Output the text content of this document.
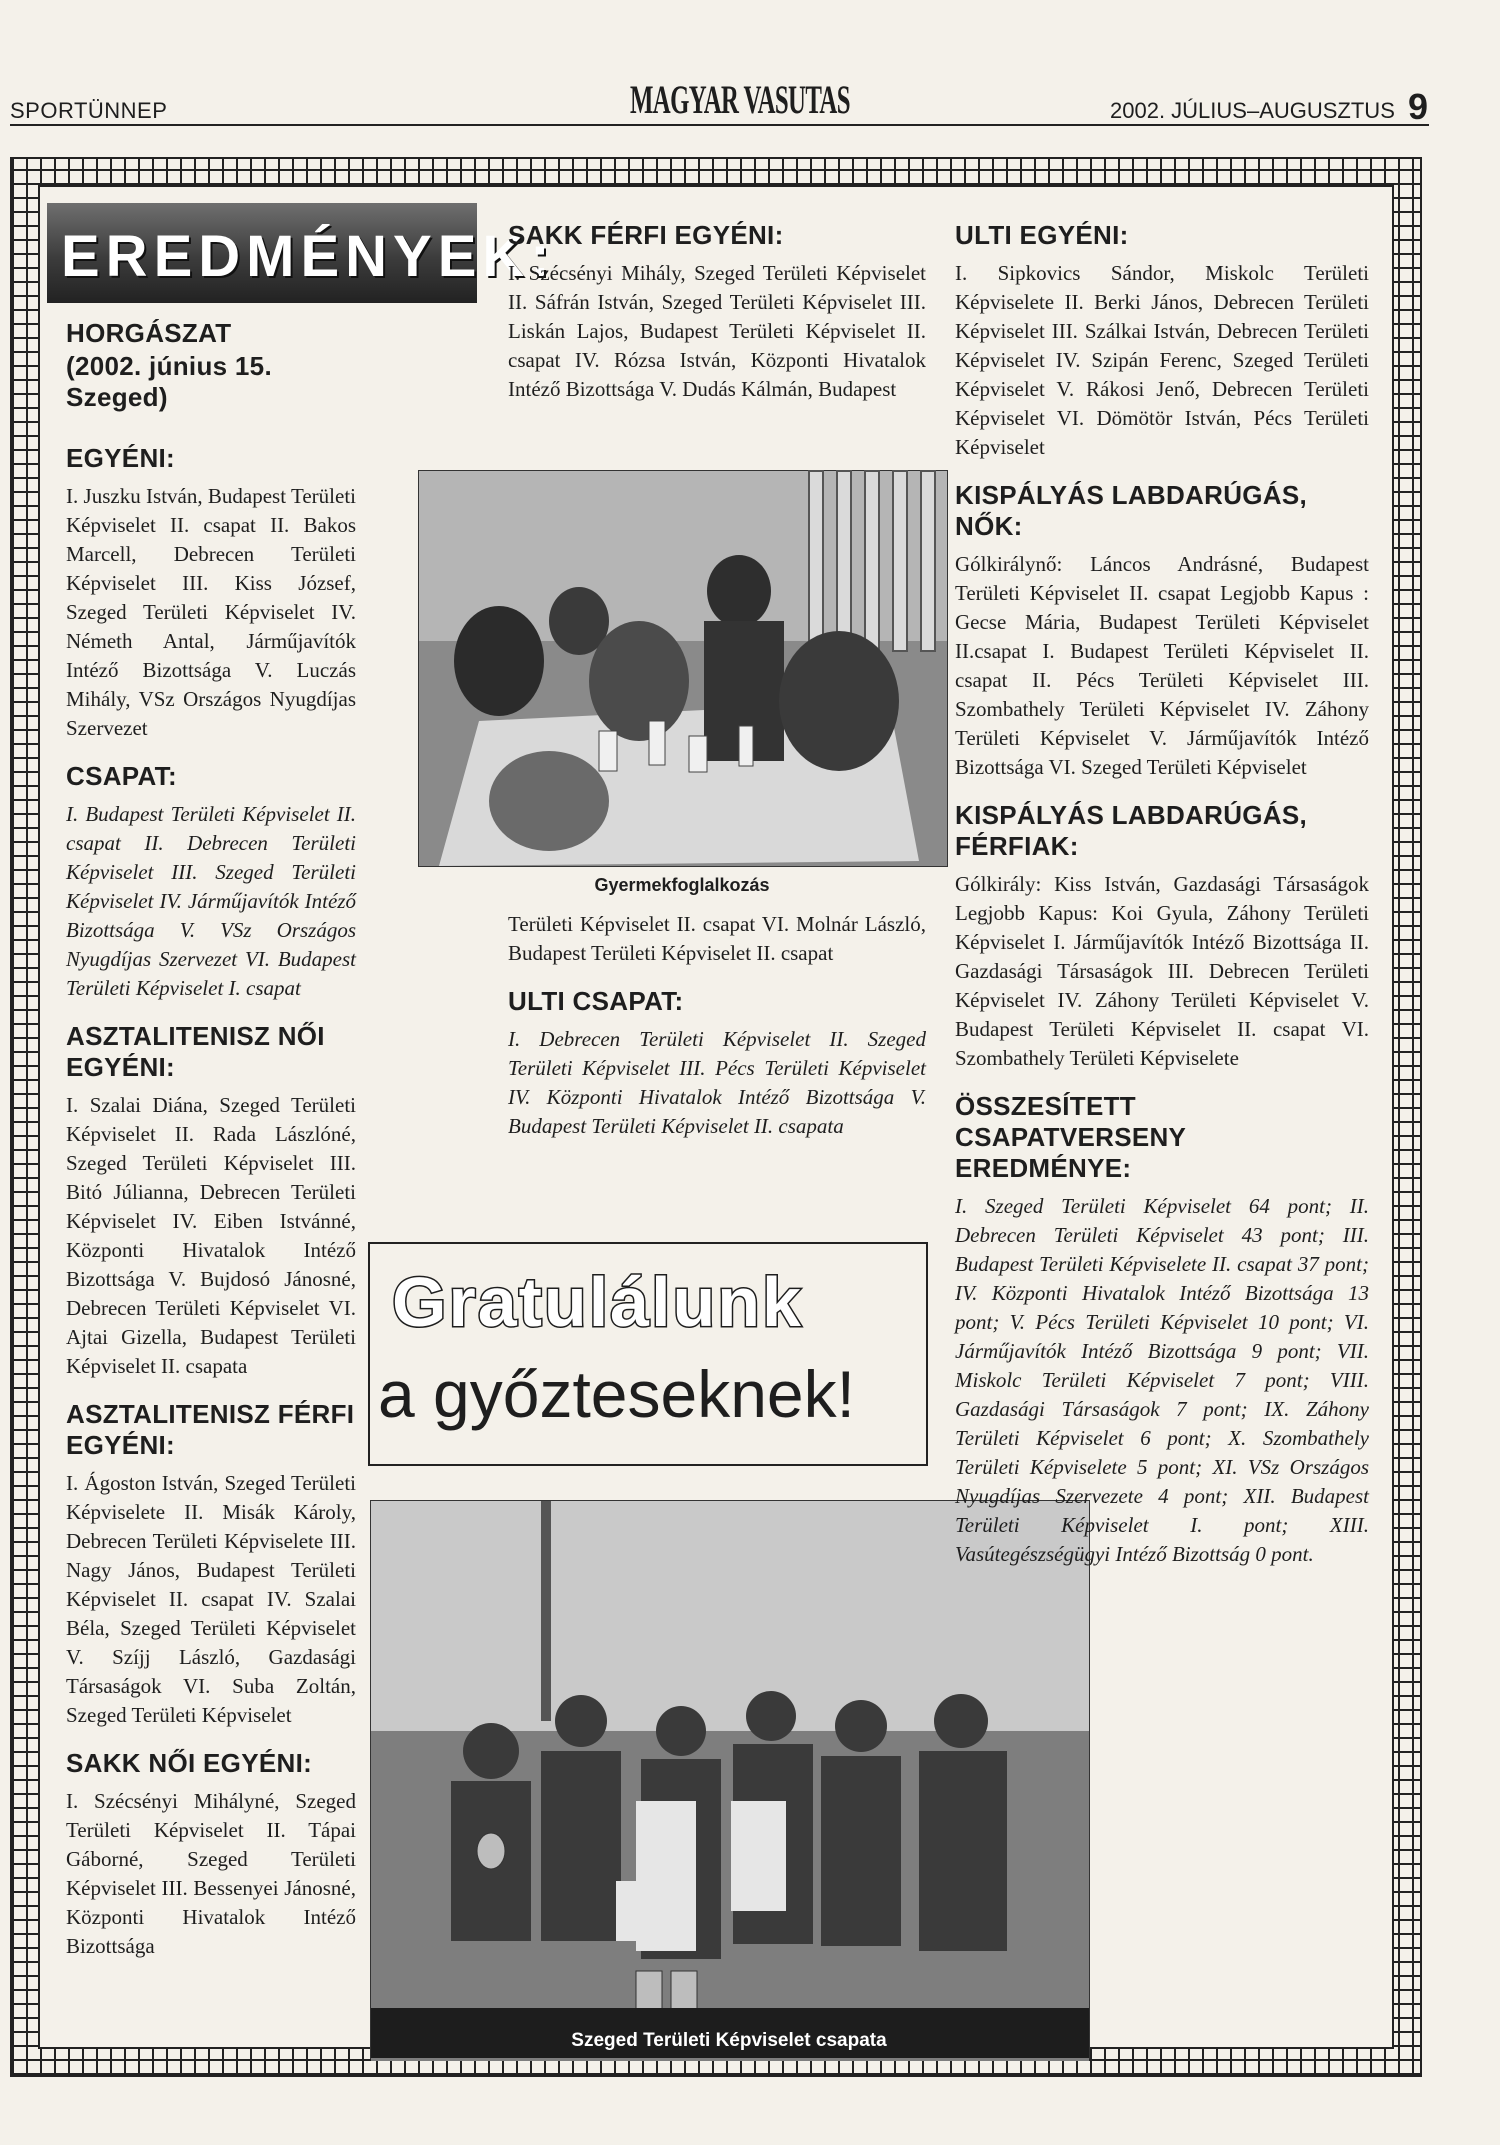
SPORTÜNNEP	MAGYAR VASUTAS	2002. JÚLIUS–AUGUSZTUS 9
EREDMÉNYEK:
HORGÁSZAT
(2002. június 15. Szeged)
EGYÉNI:

I. Juszku István, Budapest Területi Képviselet II. csapat II. Bakos Marcell, Debrecen Területi Képviselet III. Kiss József, Szeged Területi Képviselet IV. Németh Antal, Járműjavítók Intéző Bizottsága V. Luczás Mihály, VSz Országos Nyugdíjas Szervezet

CSAPAT:

I. Budapest Területi Képviselet II. csapat II. Debrecen Területi Képviselet III. Szeged Területi Képviselet IV. Járműjavítók Intéző Bizottsága V. VSz Országos Nyugdíjas Szervezet VI. Budapest Területi Képviselet I. csapat

ASZTALITENISZ NŐI EGYÉNI:

I. Szalai Diána, Szeged Területi Képviselet II. Rada Lászlóné, Szeged Területi Képviselet III. Bitó Júlianna, Debrecen Területi Képviselet IV. Eiben Istvánné, Központi Hivatalok Intéző Bizottsága V. Bujdosó Jánosné, Debrecen Területi Képviselet VI. Ajtai Gizella, Budapest Területi Képviselet II. csapata

ASZTALITENISZ FÉRFI EGYÉNI:

I. Ágoston István, Szeged Területi Képviselete II. Misák Károly, Debrecen Területi Képviselete III. Nagy János, Budapest Területi Képviselet II. csapat IV. Szalai Béla, Szeged Területi Képviselet V. Szíjj László, Gazdasági Társaságok VI. Suba Zoltán, Szeged Területi Képviselet

SAKK NŐI EGYÉNI:

I. Szécsényi Mihályné, Szeged Területi Képviselet II. Tápai Gáborné, Szeged Területi Képviselet III. Bessenyei Jánosné, Központi Hivatalok Intéző Bizottsága

SAKK FÉRFI EGYÉNI:

I. Szécsényi Mihály, Szeged Területi Képviselet II. Sáfrán István, Szeged Területi Képviselet III. Liskán Lajos, Budapest Területi Képviselet II. csapat IV. Rózsa István, Központi Hivatalok Intéző Bizottsága V. Dudás Kálmán, Budapest

Gyermekfoglalkozás

Területi Képviselet II. csapat VI. Molnár László, Budapest Területi Képviselet II. csapat

ULTI CSAPAT:

I. Debrecen Területi Képviselet II. Szeged Területi Képviselet III. Pécs Területi Képviselet IV. Központi Hivatalok Intéző Bizottsága V. Budapest Területi Képviselet II. csapata

Gratulálunk
a győzteseknek!
Szeged Területi Képviselet csapata
ULTI EGYÉNI:

I. Sipkovics Sándor, Miskolc Területi Képviselete II. Berki János, Debrecen Területi Képviselet III. Szálkai István, Debrecen Területi Képviselet IV. Szipán Ferenc, Szeged Területi Képviselet V. Rákosi Jenő, Debrecen Területi Képviselet VI. Dömötör István, Pécs Területi Képviselet

KISPÁLYÁS LABDARÚGÁS, NŐK:

Gólkirálynő: Láncos Andrásné, Budapest Területi Képviselet II. csapat Legjobb Kapus : Gecse Mária, Budapest Területi Képviselet II.csapat I. Budapest Területi Képviselet II. csapat II. Pécs Területi Képviselet III. Szombathely Területi Képviselet IV. Záhony Területi Képviselet V. Járműjavítók Intéző Bizottsága VI. Szeged Területi Képviselet

KISPÁLYÁS LABDARÚGÁS, FÉRFIAK:

Gólkirály: Kiss István, Gazdasági Társaságok Legjobb Kapus: Koi Gyula, Záhony Területi Képviselet I. Járműjavítók Intéző Bizottsága II. Gazdasági Társaságok III. Debrecen Területi Képviselet IV. Záhony Területi Képviselet V. Budapest Területi Képviselet II. csapat VI. Szombathely Területi Képviselete

ÖSSZESÍTETT CSAPATVERSENY EREDMÉNYE:

I. Szeged Területi Képviselet 64 pont; II. Debrecen Területi Képviselet 43 pont; III. Budapest Területi Képviselete II. csapat 37 pont; IV. Központi Hivatalok Intéző Bizottsága 13 pont; V. Pécs Területi Képviselet 10 pont; VI. Járműjavítók Intéző Bizottsága 9 pont; VII. Miskolc Területi Képviselet 7 pont; VIII. Gazdasági Társaságok 7 pont; IX. Záhony Területi Képviselet 6 pont; X. Szombathely Területi Képviselete 5 pont; XI. VSz Országos Nyugdíjas Szervezete 4 pont; XII. Budapest Területi Képviselet I. pont; XIII. Vasútegészségügyi Intéző Bizottság 0 pont.
